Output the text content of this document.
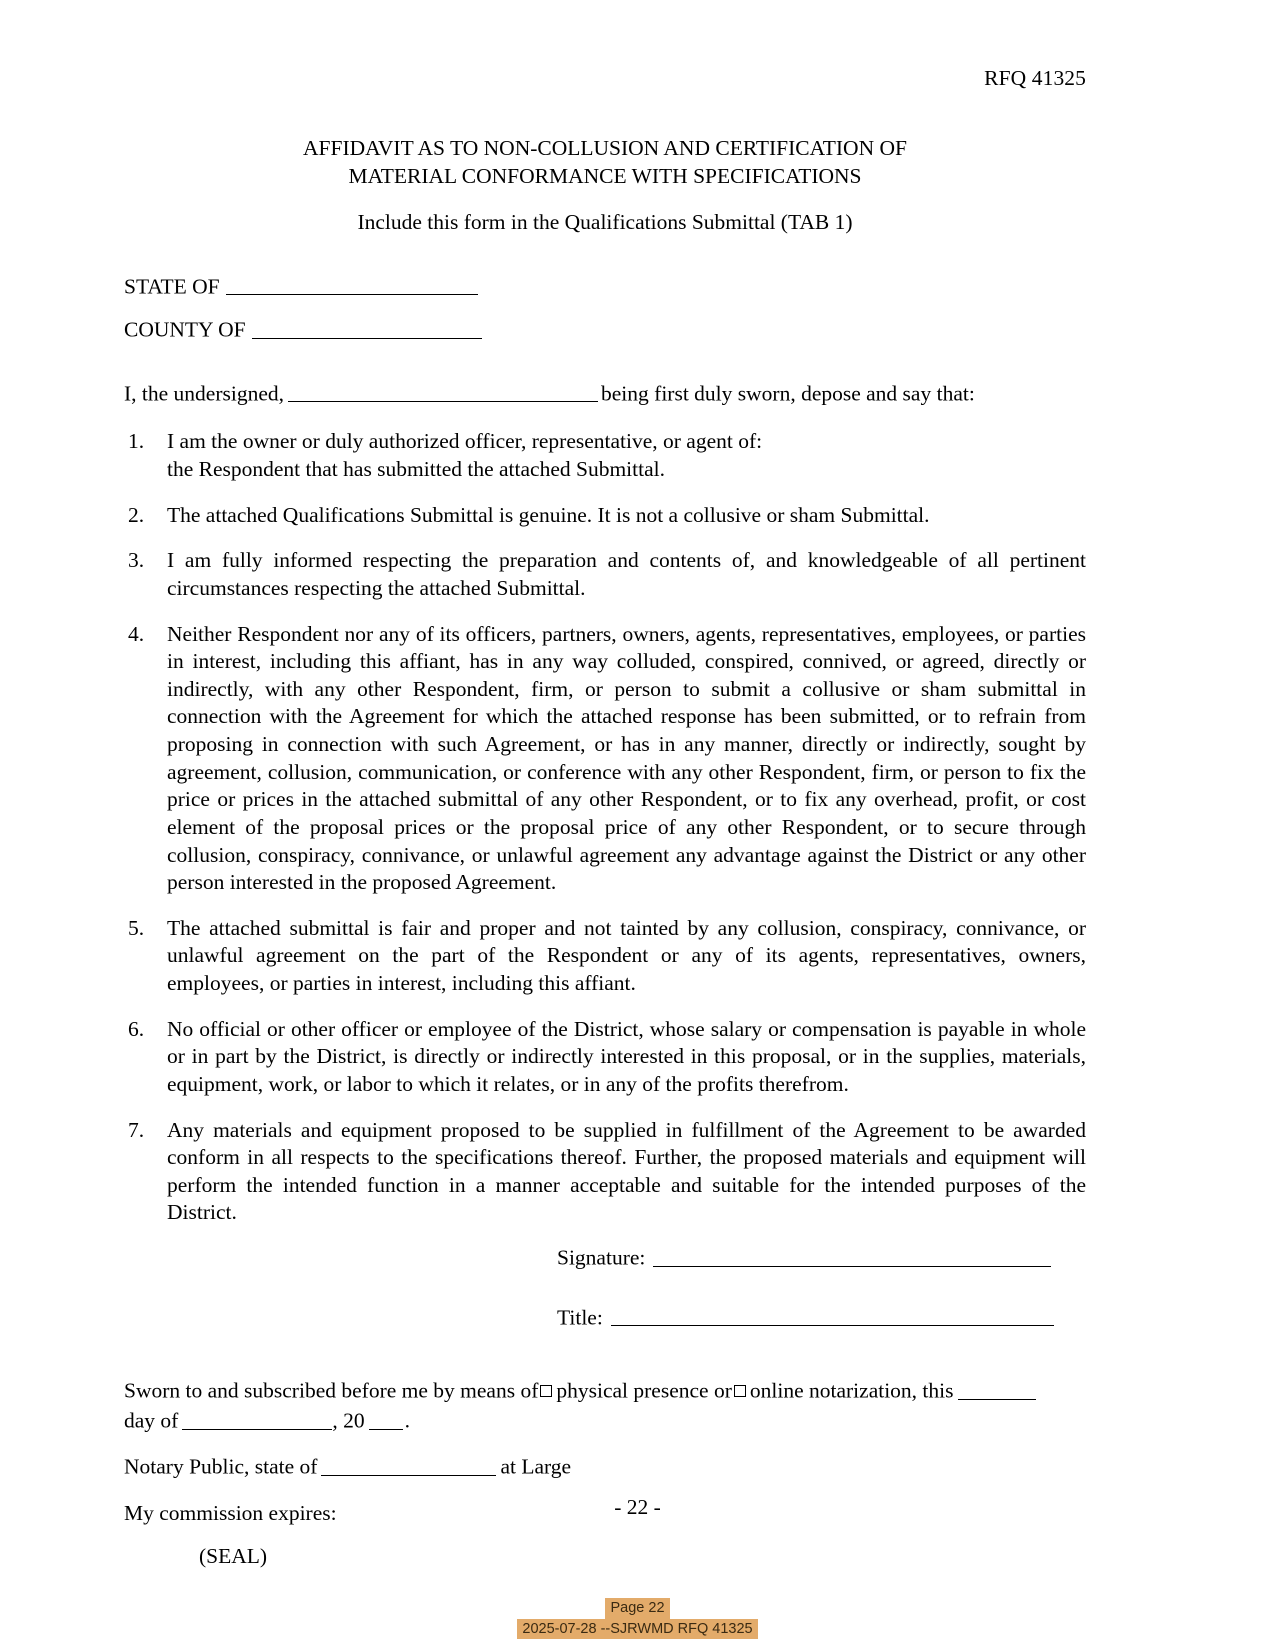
RFQ 41325
AFFIDAVIT AS TO NON-COLLUSION AND CERTIFICATION OF
MATERIAL CONFORMANCE WITH SPECIFICATIONS
Include this form in the Qualifications Submittal (TAB 1)
STATE OF
COUNTY OF
I, the undersigned,	being first duly sworn, depose and say that:
1. I am the owner or duly authorized officer, representative, or agent of:
the Respondent that has submitted the attached Submittal.
2. The attached Qualifications Submittal is genuine. It is not a collusive or sham Submittal.
3. I am fully informed respecting the preparation and contents of, and knowledgeable of all pertinent circumstances respecting the attached Submittal.
4. Neither Respondent nor any of its officers, partners, owners, agents, representatives, employees, or parties in interest, including this affiant, has in any way colluded, conspired, connived, or agreed, directly or indirectly, with any other Respondent, firm, or person to submit a collusive or sham submittal in connection with the Agreement for which the attached response has been submitted, or to refrain from proposing in connection with such Agreement, or has in any manner, directly or indirectly, sought by agreement, collusion, communication, or conference with any other Respondent, firm, or person to fix the price or prices in the attached submittal of any other Respondent, or to fix any overhead, profit, or cost element of the proposal prices or the proposal price of any other Respondent, or to secure through collusion, conspiracy, connivance, or unlawful agreement any advantage against the District or any other person interested in the proposed Agreement.
5. The attached submittal is fair and proper and not tainted by any collusion, conspiracy, connivance, or unlawful agreement on the part of the Respondent or any of its agents, representatives, owners, employees, or parties in interest, including this affiant.
6. No official or other officer or employee of the District, whose salary or compensation is payable in whole or in part by the District, is directly or indirectly interested in this proposal, or in the supplies, materials, equipment, work, or labor to which it relates, or in any of the profits therefrom.
7. Any materials and equipment proposed to be supplied in fulfillment of the Agreement to be awarded conform in all respects to the specifications thereof. Further, the proposed materials and equipment will perform the intended function in a manner acceptable and suitable for the intended purposes of the District.
Signature:
Title:
Sworn to and subscribed before me by means of physical presence or online notarization, this
day of	, 20 .
Notary Public, state of	at Large
My commission expires:
(SEAL)
- 22 -
Page 22
2025-07-28 --SJRWMD RFQ 41325
